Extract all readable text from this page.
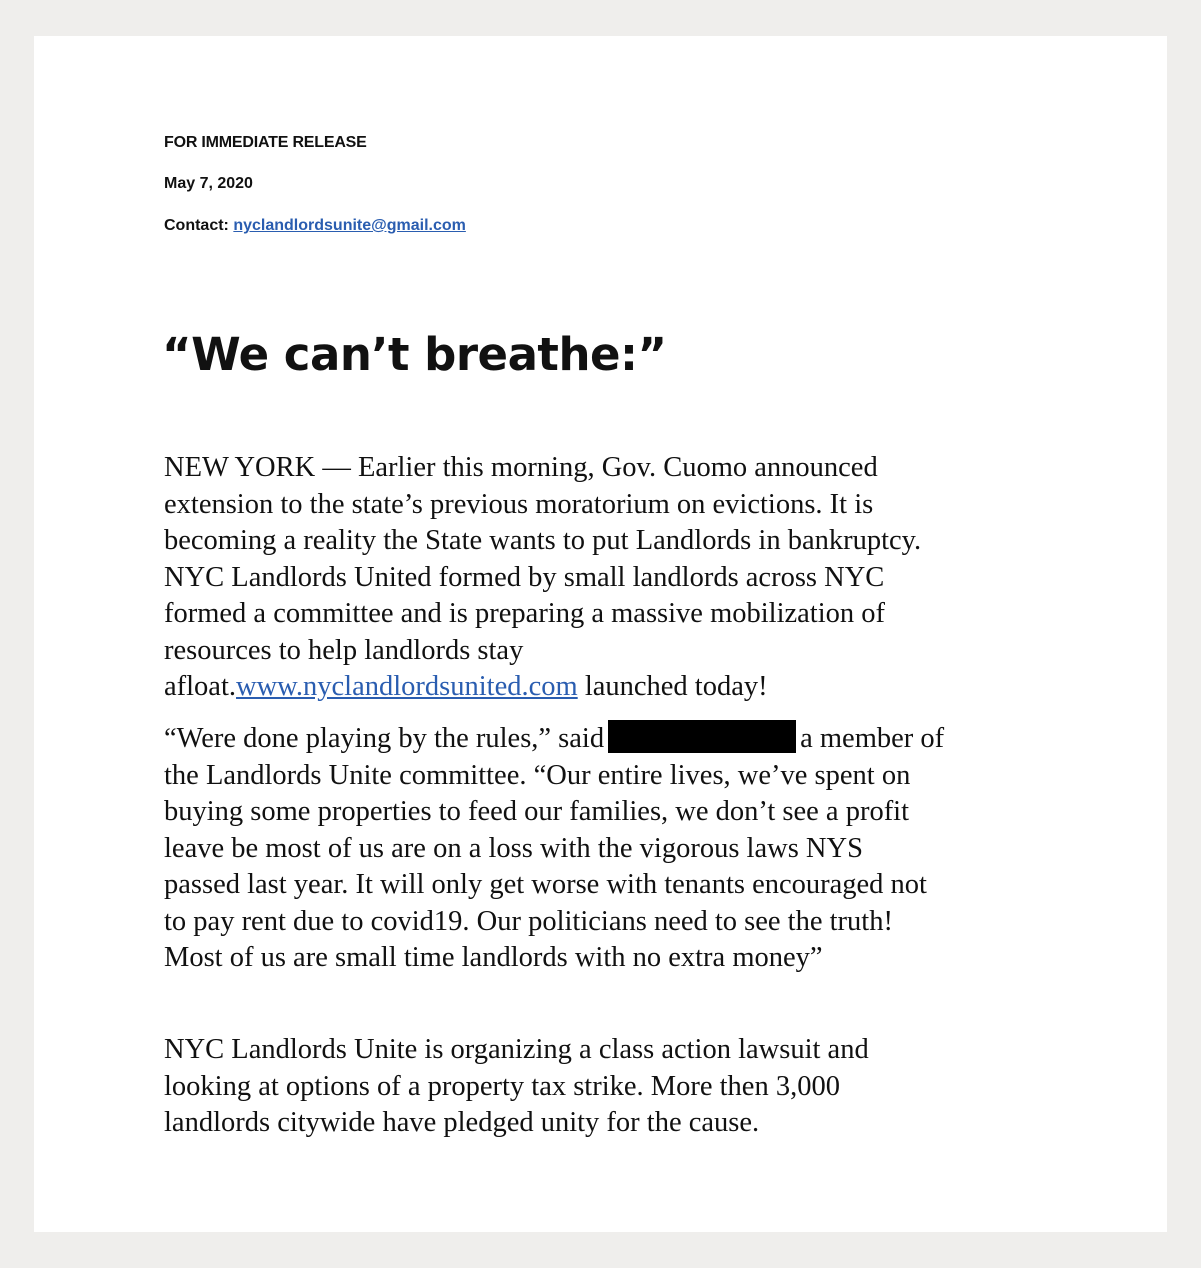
FOR IMMEDIATE RELEASE
May 7, 2020
Contact: nyclandlordsunite@gmail.com
“We can’t breathe:”
NEW YORK — Earlier this morning, Gov. Cuomo announced
extension to the state’s previous moratorium on evictions. It is
becoming a reality the State wants to put Landlords in bankruptcy.
NYC Landlords United formed by small landlords across NYC
formed a committee and is preparing a massive mobilization of
resources to help landlords stay
afloat.www.nyclandlordsunited.com launched today!
“Were done playing by the rules,” said	a member of
the Landlords Unite committee. “Our entire lives, we’ve spent on
buying some properties to feed our families, we don’t see a profit
leave be most of us are on a loss with the vigorous laws NYS
passed last year. It will only get worse with tenants encouraged not
to pay rent due to covid19. Our politicians need to see the truth!
Most of us are small time landlords with no extra money”
NYC Landlords Unite is organizing a class action lawsuit and
looking at options of a property tax strike. More then 3,000
landlords citywide have pledged unity for the cause.
